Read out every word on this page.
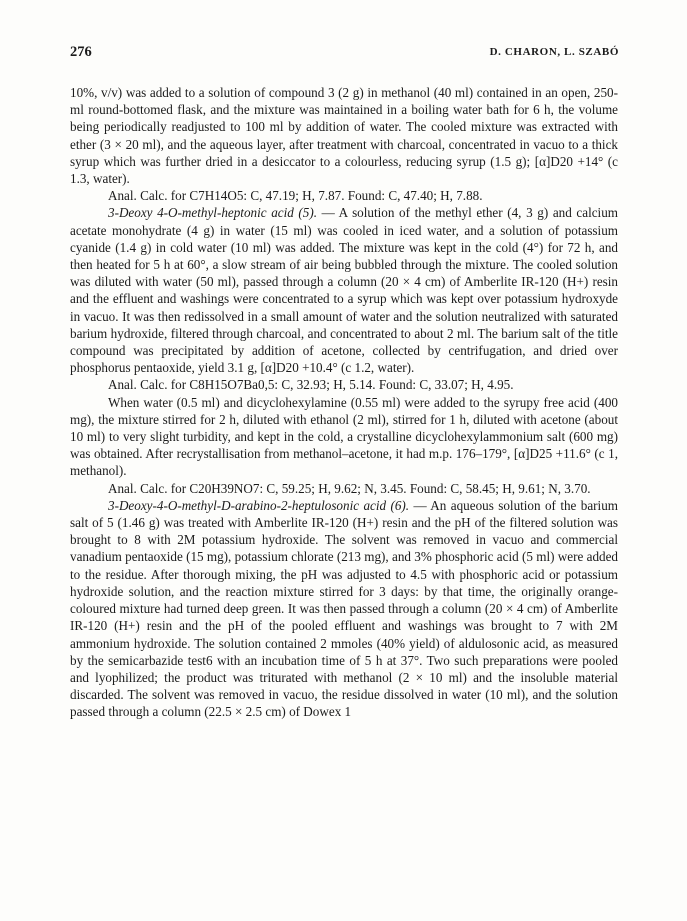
276	D. CHARON, L. SZABÓ

10%, v/v) was added to a solution of compound 3 (2 g) in methanol (40 ml) contained in an open, 250-ml round-bottomed flask, and the mixture was maintained in a boiling water bath for 6 h, the volume being periodically readjusted to 100 ml by addition of water. The cooled mixture was extracted with ether (3 × 20 ml), and the aqueous layer, after treatment with charcoal, concentrated in vacuo to a thick syrup which was further dried in a desiccator to a colourless, reducing syrup (1.5 g); [α]D20 +14° (c 1.3, water).

Anal. Calc. for C7H14O5: C, 47.19; H, 7.87. Found: C, 47.40; H, 7.88.

3-Deoxy 4-O-methyl-heptonic acid (5). — A solution of the methyl ether (4, 3 g) and calcium acetate monohydrate (4 g) in water (15 ml) was cooled in iced water, and a solution of potassium cyanide (1.4 g) in cold water (10 ml) was added. The mixture was kept in the cold (4°) for 72 h, and then heated for 5 h at 60°, a slow stream of air being bubbled through the mixture. The cooled solution was diluted with water (50 ml), passed through a column (20 × 4 cm) of Amberlite IR-120 (H+) resin and the effluent and washings were concentrated to a syrup which was kept over potassium hydroxyde in vacuo. It was then redissolved in a small amount of water and the solution neutralized with saturated barium hydroxide, filtered through charcoal, and concentrated to about 2 ml. The barium salt of the title compound was precipitated by addition of acetone, collected by centrifugation, and dried over phosphorus pentaoxide, yield 3.1 g, [α]D20 +10.4° (c 1.2, water).

Anal. Calc. for C8H15O7Ba0,5: C, 32.93; H, 5.14. Found: C, 33.07; H, 4.95.

When water (0.5 ml) and dicyclohexylamine (0.55 ml) were added to the syrupy free acid (400 mg), the mixture stirred for 2 h, diluted with ethanol (2 ml), stirred for 1 h, diluted with acetone (about 10 ml) to very slight turbidity, and kept in the cold, a crystalline dicyclohexylammonium salt (600 mg) was obtained. After recrystallisation from methanol–acetone, it had m.p. 176–179°, [α]D25 +11.6° (c 1, methanol).

Anal. Calc. for C20H39NO7: C, 59.25; H, 9.62; N, 3.45. Found: C, 58.45; H, 9.61; N, 3.70.

3-Deoxy-4-O-methyl-D-arabino-2-heptulosonic acid (6). — An aqueous solution of the barium salt of 5 (1.46 g) was treated with Amberlite IR-120 (H+) resin and the pH of the filtered solution was brought to 8 with 2M potassium hydroxide. The solvent was removed in vacuo and commercial vanadium pentaoxide (15 mg), potassium chlorate (213 mg), and 3% phosphoric acid (5 ml) were added to the residue. After thorough mixing, the pH was adjusted to 4.5 with phosphoric acid or potassium hydroxide solution, and the reaction mixture stirred for 3 days: by that time, the originally orange-coloured mixture had turned deep green. It was then passed through a column (20 × 4 cm) of Amberlite IR-120 (H+) resin and the pH of the pooled effluent and washings was brought to 7 with 2M ammonium hydroxide. The solution contained 2 mmoles (40% yield) of aldulosonic acid, as measured by the semicarbazide test6 with an incubation time of 5 h at 37°. Two such preparations were pooled and lyophilized; the product was triturated with methanol (2 × 10 ml) and the insoluble material discarded. The solvent was removed in vacuo, the residue dissolved in water (10 ml), and the solution passed through a column (22.5 × 2.5 cm) of Dowex 1
